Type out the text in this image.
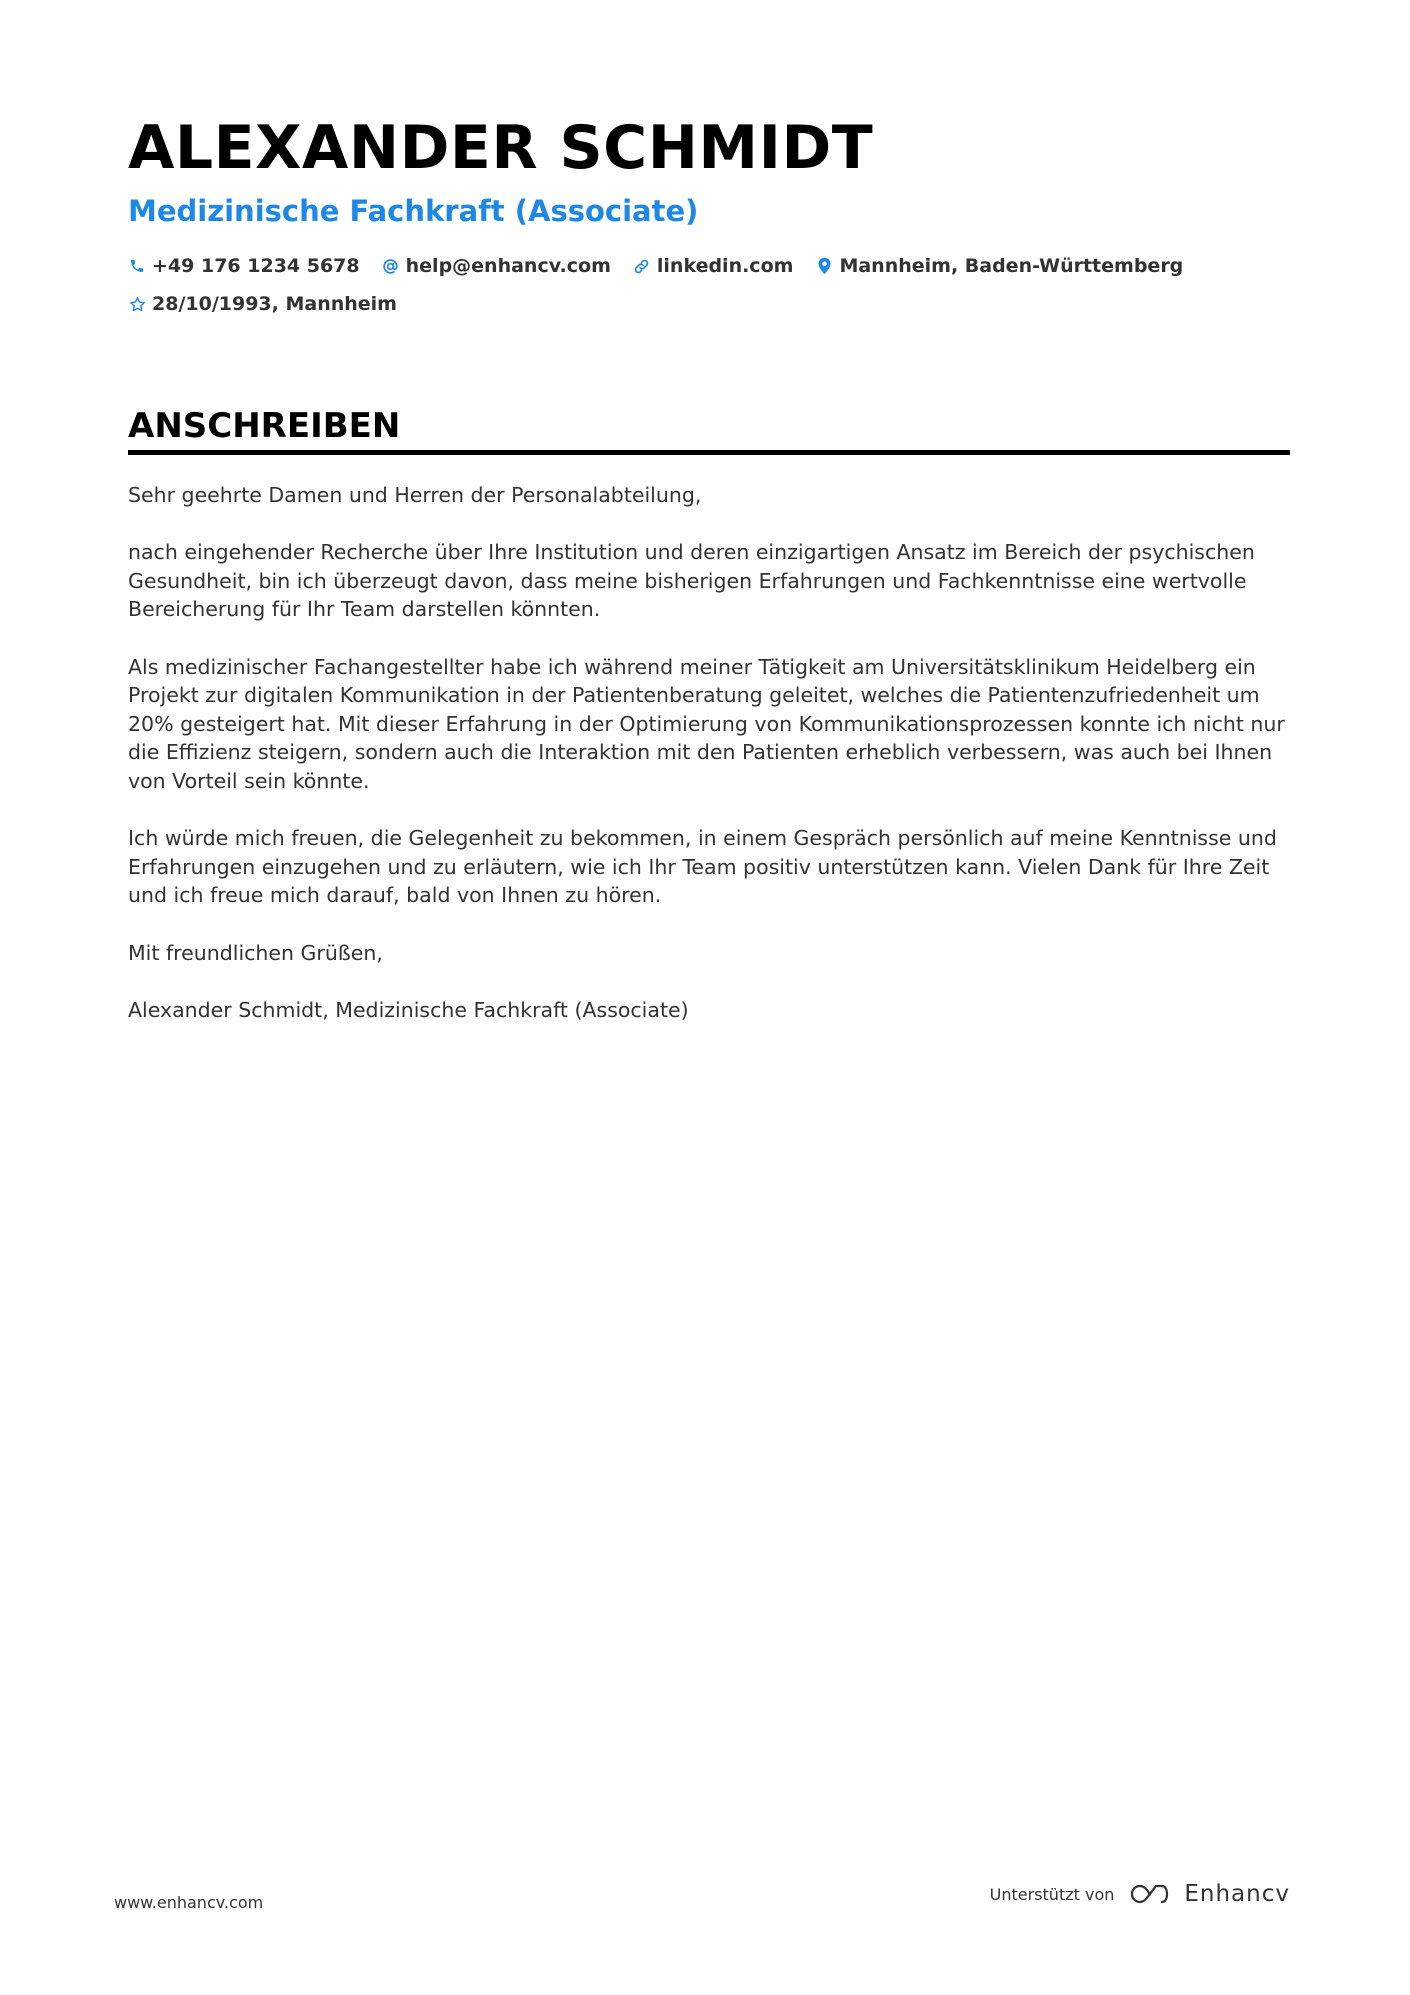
ALEXANDER SCHMIDT
Medizinische Fachkraft (Associate)
+49 176 1234 5678 help@enhancv.com linkedin.com Mannheim, Baden-Württemberg
28/10/1993, Mannheim
ANSCHREIBEN

Sehr geehrte Damen und Herren der Personalabteilung,

nach eingehender Recherche über Ihre Institution und deren einzigartigen Ansatz im Bereich der psychischen Gesundheit, bin ich überzeugt davon, dass meine bisherigen Erfahrungen und Fachkenntnisse eine wertvolle Bereicherung für Ihr Team darstellen könnten.

Als medizinischer Fachangestellter habe ich während meiner Tätigkeit am Universitätsklinikum Heidelberg ein Projekt zur digitalen Kommunikation in der Patientenberatung geleitet, welches die Patientenzufriedenheit um 20% gesteigert hat. Mit dieser Erfahrung in der Optimierung von Kommunikationsprozessen konnte ich nicht nur die Effizienz steigern, sondern auch die Interaktion mit den Patienten erheblich verbessern, was auch bei Ihnen von Vorteil sein könnte.

Ich würde mich freuen, die Gelegenheit zu bekommen, in einem Gespräch persönlich auf meine Kenntnisse und Erfahrungen einzugehen und zu erläutern, wie ich Ihr Team positiv unterstützen kann. Vielen Dank für Ihre Zeit und ich freue mich darauf, bald von Ihnen zu hören.

Mit freundlichen Grüßen,

Alexander Schmidt, Medizinische Fachkraft (Associate)

www.enhancv.com	Unterstützt von	Enhancv
